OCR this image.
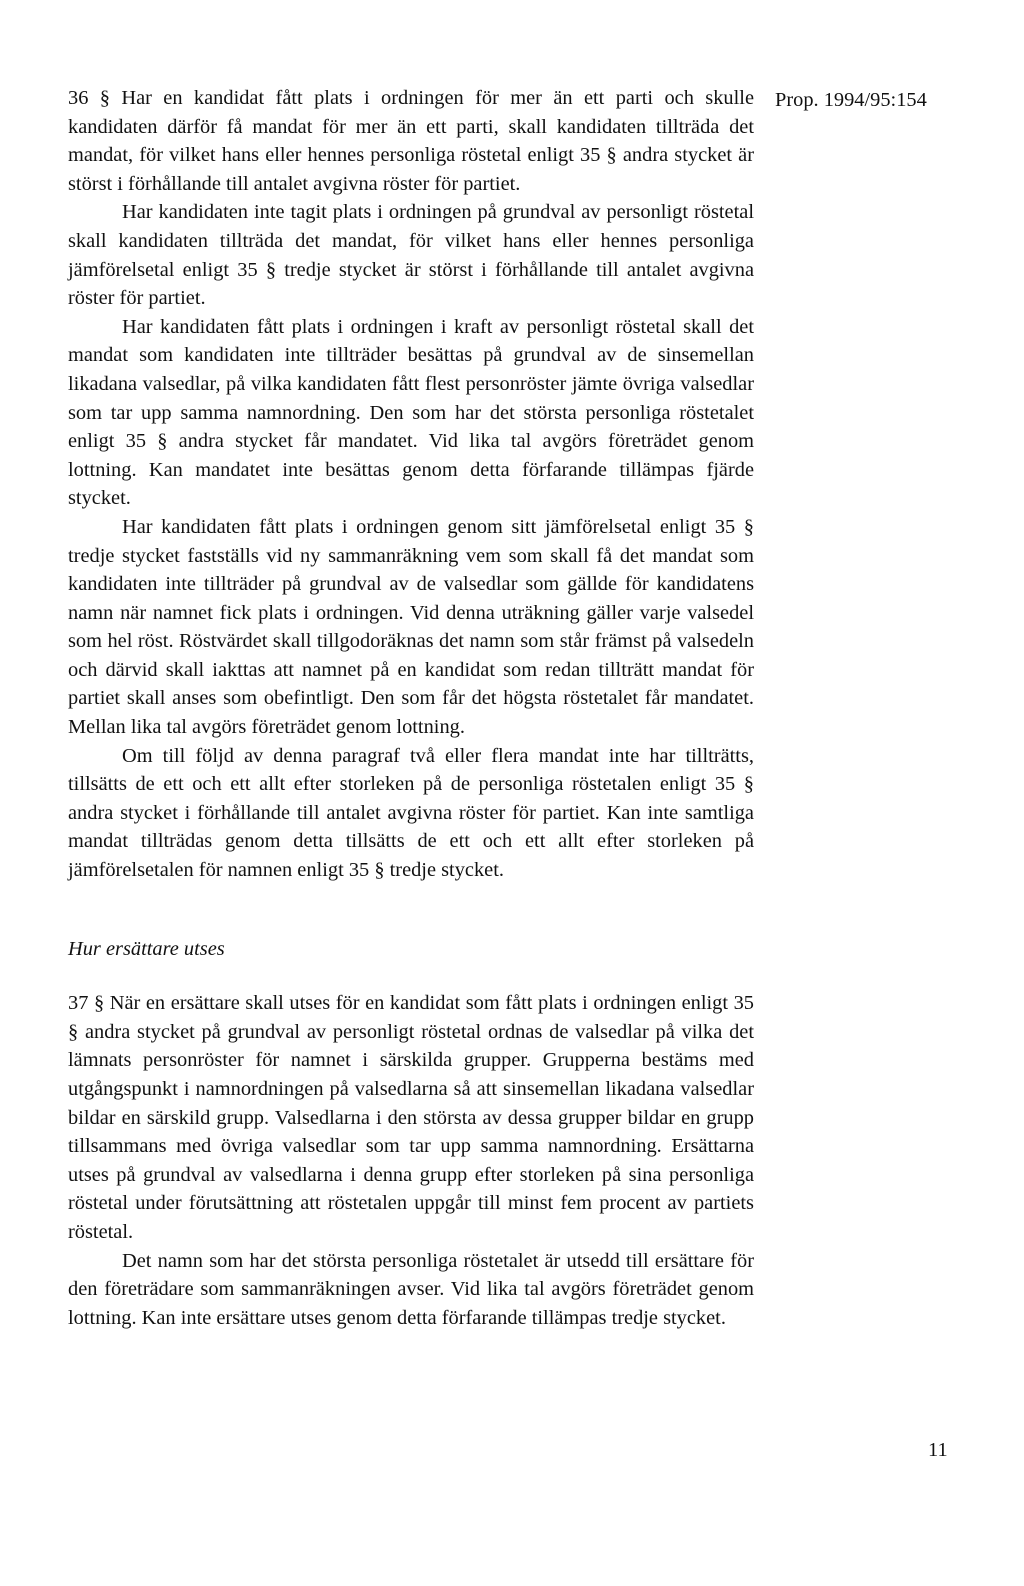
Prop. 1994/95:154

36 § Har en kandidat fått plats i ordningen för mer än ett parti och skulle kandidaten därför få mandat för mer än ett parti, skall kandidaten tillträda det mandat, för vilket hans eller hennes personliga röstetal enligt 35 § andra stycket är störst i förhållande till antalet avgivna röster för partiet.

Har kandidaten inte tagit plats i ordningen på grundval av personligt röstetal skall kandidaten tillträda det mandat, för vilket hans eller hennes personliga jämförelsetal enligt 35 § tredje stycket är störst i förhållande till antalet avgivna röster för partiet.

Har kandidaten fått plats i ordningen i kraft av personligt röstetal skall det mandat som kandidaten inte tillträder besättas på grundval av de sinsemellan likadana valsedlar, på vilka kandidaten fått flest personröster jämte övriga valsedlar som tar upp samma namnordning. Den som har det största personliga röstetalet enligt 35 § andra stycket får mandatet. Vid lika tal avgörs företrädet genom lottning. Kan mandatet inte besättas genom detta förfarande tillämpas fjärde stycket.

Har kandidaten fått plats i ordningen genom sitt jämförelsetal enligt 35 § tredje stycket fastställs vid ny sammanräkning vem som skall få det mandat som kandidaten inte tillträder på grundval av de valsedlar som gällde för kandidatens namn när namnet fick plats i ordningen. Vid denna uträkning gäller varje valsedel som hel röst. Röstvärdet skall tillgodoräknas det namn som står främst på valsedeln och därvid skall iakttas att namnet på en kandidat som redan tillträtt mandat för partiet skall anses som obefintligt. Den som får det högsta röstetalet får mandatet. Mellan lika tal avgörs företrädet genom lottning.

Om till följd av denna paragraf två eller flera mandat inte har tillträtts, tillsätts de ett och ett allt efter storleken på de personliga röstetalen enligt 35 § andra stycket i förhållande till antalet avgivna röster för partiet. Kan inte samtliga mandat tillträdas genom detta tillsätts de ett och ett allt efter storleken på jämförelsetalen för namnen enligt 35 § tredje stycket.

Hur ersättare utses

37 § När en ersättare skall utses för en kandidat som fått plats i ordningen enligt 35 § andra stycket på grundval av personligt röstetal ordnas de valsedlar på vilka det lämnats personröster för namnet i särskilda grupper. Grupperna bestäms med utgångspunkt i namnordningen på valsedlarna så att sinsemellan likadana valsedlar bildar en särskild grupp. Valsedlarna i den största av dessa grupper bildar en grupp tillsammans med övriga valsedlar som tar upp samma namnordning. Ersättarna utses på grundval av valsedlarna i denna grupp efter storleken på sina personliga röstetal under förutsättning att röstetalen uppgår till minst fem procent av partiets röstetal.

Det namn som har det största personliga röstetalet är utsedd till ersättare för den företrädare som sammanräkningen avser. Vid lika tal avgörs företrädet genom lottning. Kan inte ersättare utses genom detta förfarande tillämpas tredje stycket.

11
